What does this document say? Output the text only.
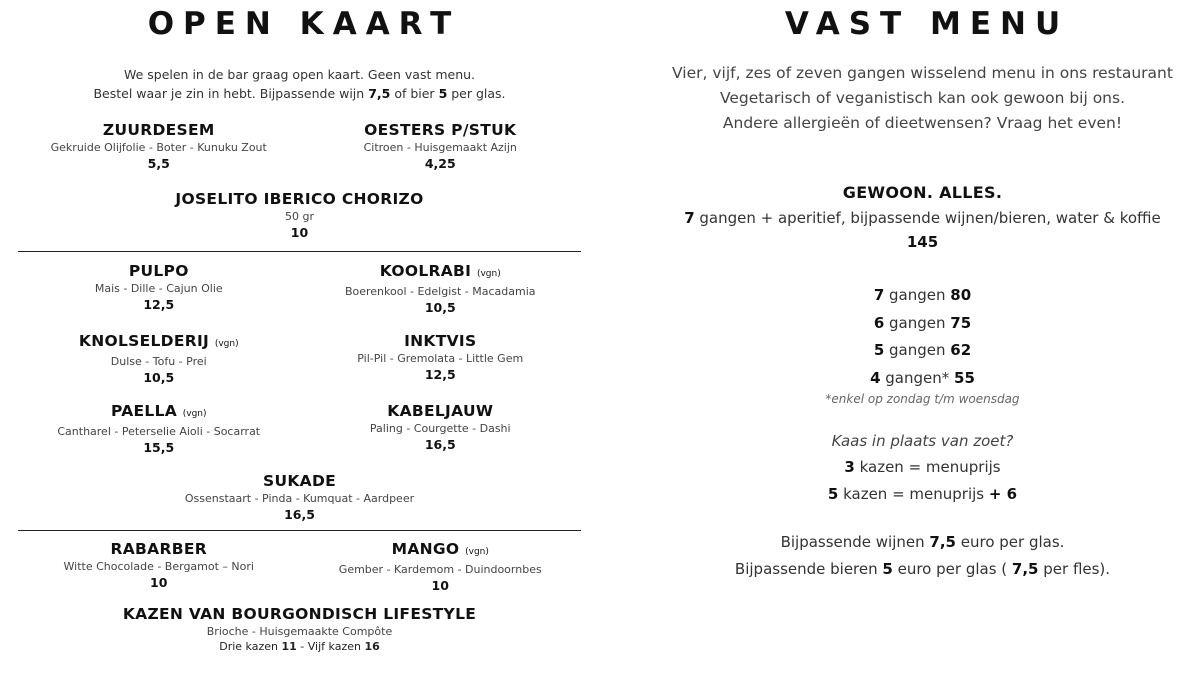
OPEN KAART
We spelen in de bar graag open kaart. Geen vast menu.
Bestel waar je zin in hebt. Bijpassende wijn 7,5 of bier 5 per glas.
ZUURDESEM
Gekruide Olijfolie - Boter - Kunuku Zout
5,5
OESTERS P/STUK
Citroen - Huisgemaakt Azijn
4,25
JOSELITO IBERICO CHORIZO
50 gr
10
PULPO
Mais - Dille - Cajun Olie
12,5
KOOLRABI (vgn)
Boerenkool - Edelgist - Macadamia
10,5
KNOLSELDERIJ (vgn)
Dulse - Tofu - Prei
10,5
INKTVIS
Pil-Pil - Gremolata - Little Gem
12,5
PAELLA (vgn)
Cantharel - Peterselie Aioli - Socarrat
15,5
KABELJAUW
Paling - Courgette - Dashi
16,5
SUKADE
Ossenstaart - Pinda - Kumquat - Aardpeer
16,5
RABARBER
Witte Chocolade - Bergamot – Nori
10
MANGO (vgn)
Gember - Kardemom - Duindoornbes
10
KAZEN VAN BOURGONDISCH LIFESTYLE
Brioche - Huisgemaakte Compôte
Drie kazen 11 - Vijf kazen 16
VAST MENU
Vier, vijf, zes of zeven gangen wisselend menu in ons restaurant
Vegetarisch of veganistisch kan ook gewoon bij ons.
Andere allergieën of dieetwensen? Vraag het even!
GEWOON. ALLES.
7 gangen + aperitief, bijpassende wijnen/bieren, water & koffie
145
7 gangen 80
6 gangen 75
5 gangen 62
4 gangen* 55
*enkel op zondag t/m woensdag
Kaas in plaats van zoet?
3 kazen = menuprijs
5 kazen = menuprijs + 6
Bijpassende wijnen 7,5 euro per glas.
Bijpassende bieren 5 euro per glas ( 7,5 per fles).
